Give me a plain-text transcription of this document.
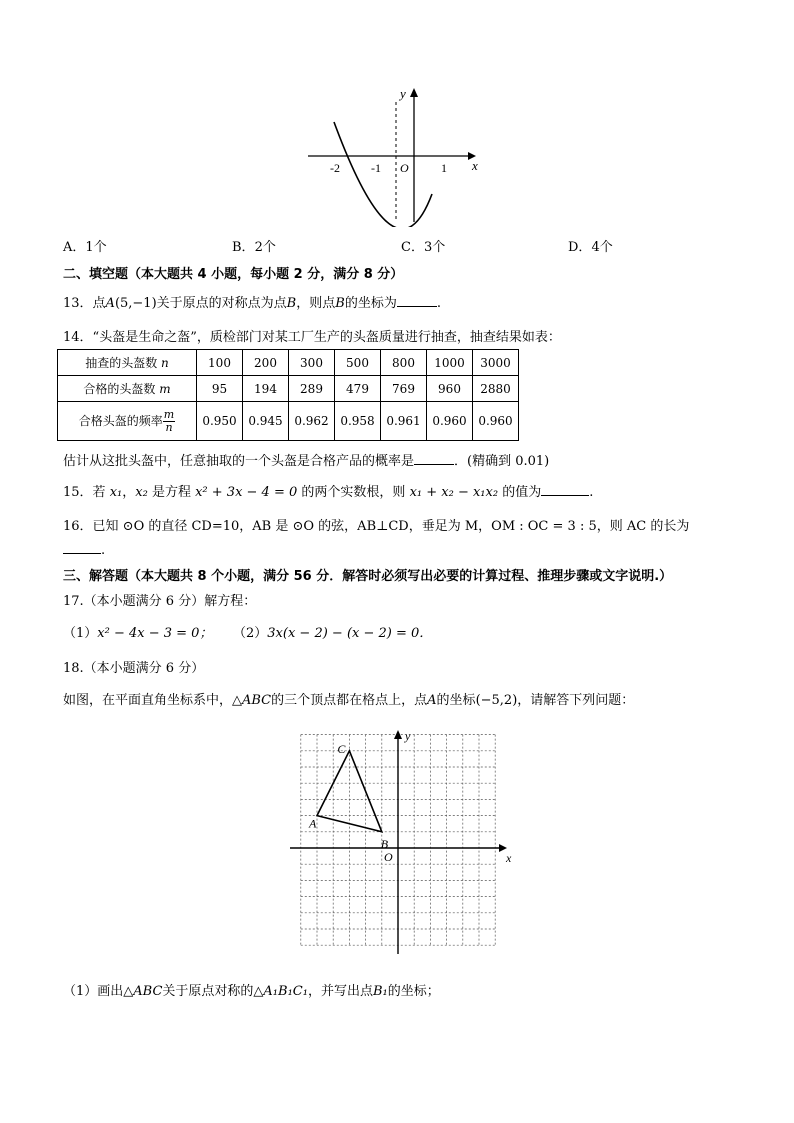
-2	-1	1
O
y
x
A．1个	B．2个	C．3个	D．4个
二、填空题（本大题共 4 小题，每小题 2 分，满分 8 分）
13．点A(5,−1)关于原点的对称点为点B，则点B的坐标为	.
14．“头盔是生命之盔”，质检部门对某工厂生产的头盔质量进行抽查，抽查结果如表：
抽查的头盔数 n	100	200	300	500	800	1000	3000
合格的头盔数 m	95	194	289	479	769	960	2880
合格头盔的频率 $\frac{m}{n}$	0.950	0.945	0.962	0.958	0.961	0.960	0.960
估计从这批头盔中，任意抽取的一个头盔是合格产品的概率是	．(精确到 0.01)
15．若 x₁，x₂ 是方程 x² + 3x − 4 = 0 的两个实数根，则 x₁ + x₂ − x₁x₂ 的值为	.
16．已知 ⊙O 的直径 CD=10，AB 是 ⊙O 的弦，AB⊥CD，垂足为 M，OM : OC = 3 : 5，则 AC 的长为
.
三、解答题（本大题共 8 个小题，满分 56 分．解答时必须写出必要的计算过程、推理步骤或文字说明.）
17.（本小题满分 6 分）解方程：
（1）x² − 4x − 3 = 0； （2）3x(x − 2) − (x − 2) = 0．
18.（本小题满分 6 分）
如图，在平面直角坐标系中，△ABC的三个顶点都在格点上，点A的坐标(−5,2)，请解答下列问题：
A
B
C
O
y
x
（1）画出△ABC关于原点对称的△A₁B₁C₁，并写出点B₁的坐标；
